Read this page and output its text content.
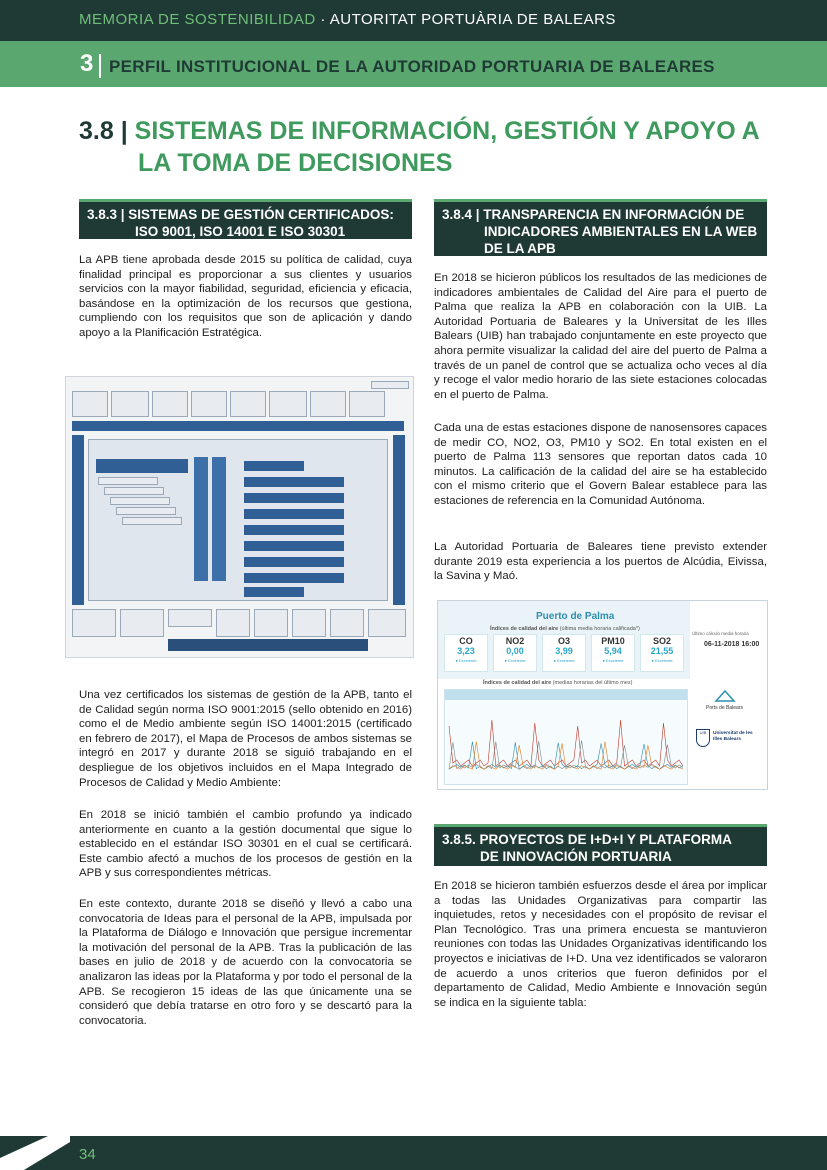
MEMORIA DE SOSTENIBILIDAD · AUTORITAT PORTUÀRIA DE BALEARS
3 PERFIL INSTITUCIONAL DE LA AUTORIDAD PORTUARIA DE BALEARES
3.8 | SISTEMAS DE INFORMACIÓN, GESTIÓN Y APOYO A
LA TOMA DE DECISIONES
3.8.3 | SISTEMAS DE GESTIÓN CERTIFICADOS:
ISO 9001, ISO 14001 E ISO 30301
La APB tiene aprobada desde 2015 su política de calidad, cuya finalidad principal es proporcionar a sus clientes y usuarios servicios con la mayor fiabilidad, seguridad, eficiencia y eficacia, basándose en la optimización de los recursos que gestiona, cumpliendo con los requisitos que son de aplicación y dando apoyo a la Planificación Estratégica.
Una vez certificados los sistemas de gestión de la APB, tanto el de Calidad según norma ISO 9001:2015 (sello obtenido en 2016) como el de Medio ambiente según ISO 14001:2015 (certificado en febrero de 2017), el Mapa de Procesos de ambos sistemas se integró en 2017 y durante 2018 se siguió trabajando en el despliegue de los objetivos incluidos en el Mapa Integrado de Procesos de Calidad y Medio Ambiente:
En 2018 se inició también el cambio profundo ya indicado anteriormente en cuanto a la gestión documental que sigue lo establecido en el estándar ISO 30301 en el cual se certificará. Este cambio afectó a muchos de los procesos de gestión en la APB y sus correspondientes métricas.
En este contexto, durante 2018 se diseñó y llevó a cabo una convocatoria de Ideas para el personal de la APB, impulsada por la Plataforma de Diálogo e Innovación que persigue incrementar la motivación del personal de la APB. Tras la publicación de las bases en julio de 2018 y de acuerdo con la convocatoria se analizaron las ideas por la Plataforma y por todo el personal de la APB. Se recogieron 15 ideas de las que únicamente una se consideró que debía tratarse en otro foro y se descartó para la convocatoria.
3.8.4 | TRANSPARENCIA EN INFORMACIÓN DE
INDICADORES AMBIENTALES EN LA WEB
DE LA APB
En 2018 se hicieron públicos los resultados de las mediciones de indicadores ambientales de Calidad del Aire para el puerto de Palma que realiza la APB en colaboración con la UIB. La Autoridad Portuaria de Baleares y la Universitat de les Illes Balears (UIB) han trabajado conjuntamente en este proyecto que ahora permite visualizar la calidad del aire del puerto de Palma a través de un panel de control que se actualiza ocho veces al día y recoge el valor medio horario de las siete estaciones colocadas en el puerto de Palma.
Cada una de estas estaciones dispone de nanosensores capaces de medir CO, NO2, O3, PM10 y SO2. En total existen en el puerto de Palma 113 sensores que reportan datos cada 10 minutos. La calificación de la calidad del aire se ha establecido con el mismo criterio que el Govern Balear establece para las estaciones de referencia en la Comunidad Autónoma.
La Autoridad Portuaria de Baleares tiene previsto extender durante 2019 esta experiencia a los puertos de Alcúdia, Eivissa, la Savina y Maó.
Puerto de Palma
Índices de calidad del aire (última media horaria calificada*)
CO
3,23
● Excelente
NO2
0,00
● Excelente
O3
3,99
● Excelente
PM10
5,94
● Excelente
SO2
21,55
● Excelente
Último cálculo media horaria
06-11-2018 16:00
Índices de calidad del aire (medias horarias del último mes)
Ports de Balears
UIB	Universitat de les Illes Balears
3.8.5. PROYECTOS DE I+D+I Y PLATAFORMA
DE INNOVACIÓN PORTUARIA
En 2018 se hicieron también esfuerzos desde el área por implicar a todas las Unidades Organizativas para compartir las inquietudes, retos y necesidades con el propósito de revisar el Plan Tecnológico. Tras una primera encuesta se mantuvieron reuniones con todas las Unidades Organizativas identificando los proyectos e iniciativas de I+D. Una vez identificados se valoraron de acuerdo a unos criterios que fueron definidos por el departamento de Calidad, Medio Ambiente e Innovación según se indica en la siguiente tabla:
34
